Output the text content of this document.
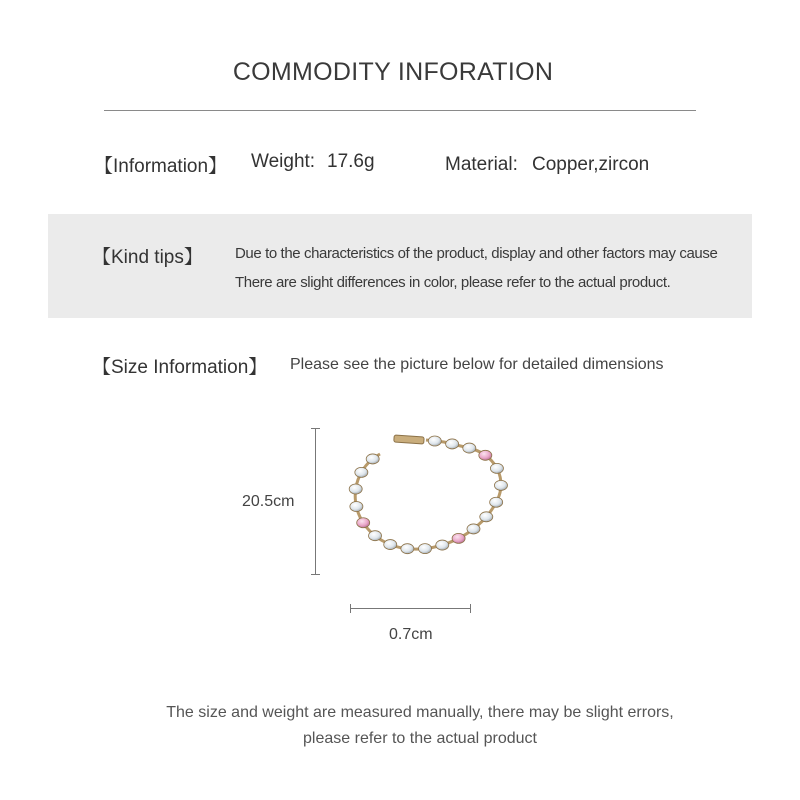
COMMODITY INFORATION
【Information】 Weight: 17.6g	Material: Copper,zircon
【Kind tips】 Due to the characteristics of the product, display and other factors may cause
There are slight differences in color, please refer to the actual product.
【Size Information】 Please see the picture below for detailed dimensions
20.5cm
0.7cm
The size and weight are measured manually, there may be slight errors,
please refer to the actual product
